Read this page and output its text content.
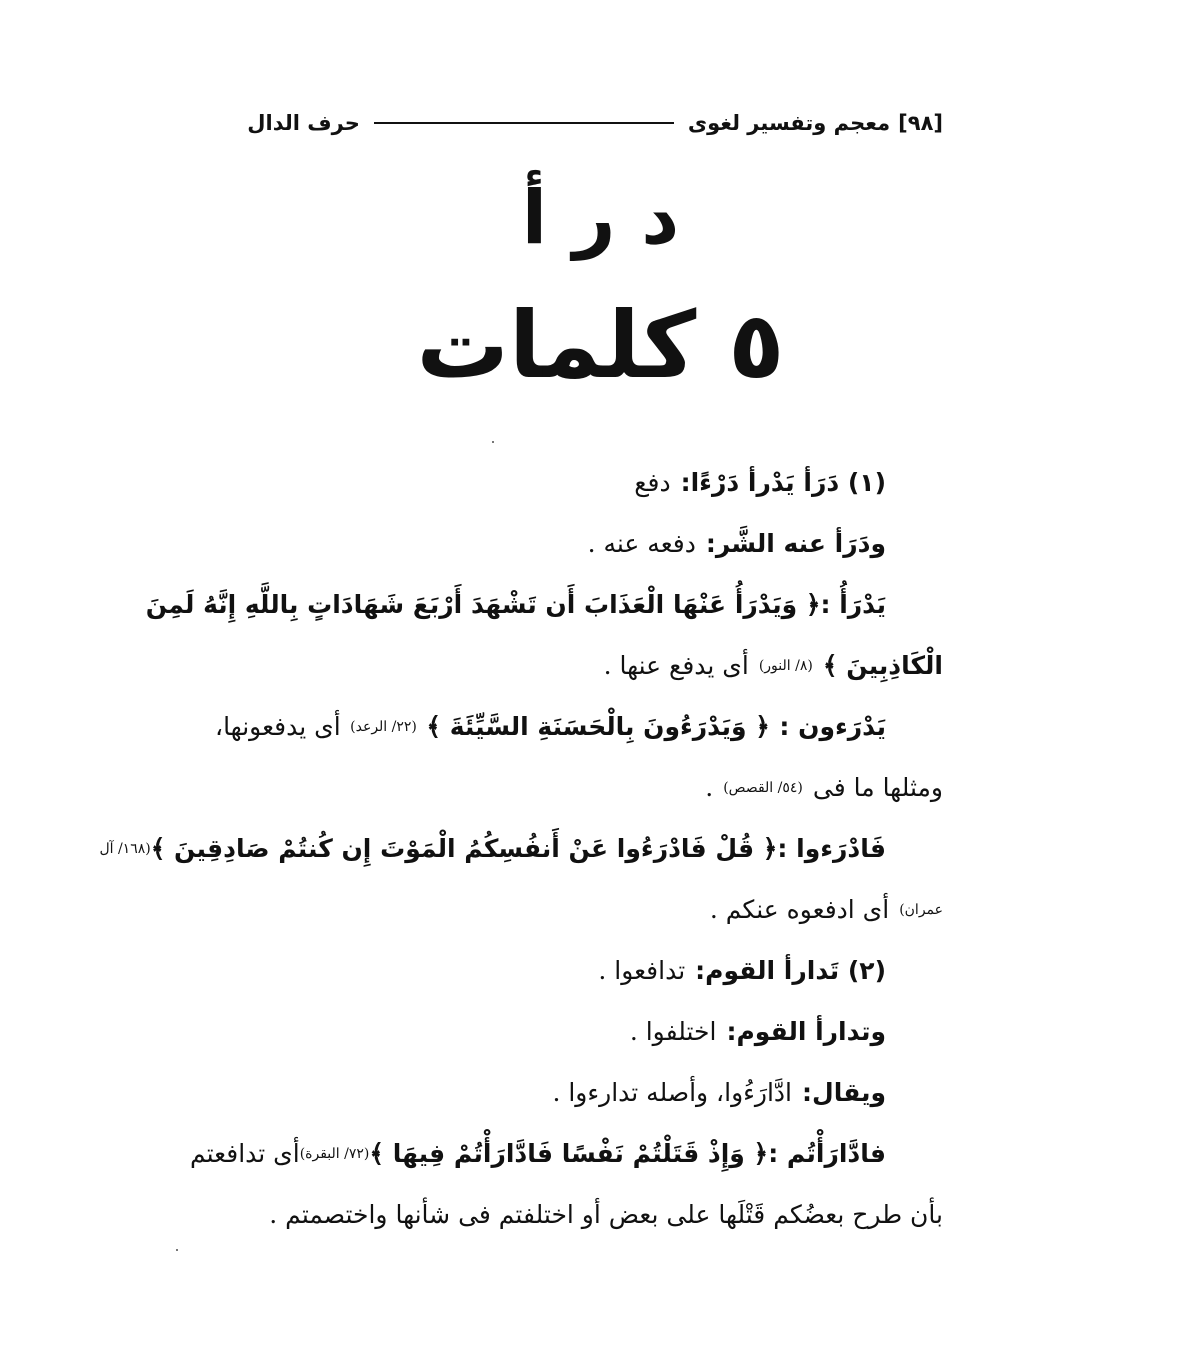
[٩٨]
معجم وتفسير لغوى
حرف الدال
د ر أ
٥ كلمات
(١) دَرَأ يَدْرأ دَرْءًا:
دفع
ودَرَأ عنه الشَّر:
دفعه عنه .
يَدْرَأُ :
﴿ وَيَدْرَأُ عَنْهَا الْعَذَابَ أَن تَشْهَدَ أَرْبَعَ شَهَادَاتٍ بِاللَّهِ إِنَّهُ لَمِنَ
الْكَاذِبِينَ ﴾
(٨/ النور)
أى يدفع عنها .
يَدْرَءون :
﴿ وَيَدْرَءُونَ بِالْحَسَنَةِ السَّيِّئَةَ ﴾
(٢٢/ الرعد)
أى يدفعونها،
ومثلها ما فى
(٥٤/ القصص)
.
فَادْرَءوا :
﴿ قُلْ فَادْرَءُوا عَنْ أَنفُسِكُمُ الْمَوْتَ إِن كُنتُمْ صَادِقِينَ ﴾
(١٦٨/ آل
عمران)
أى ادفعوه عنكم .
(٢) تَدارأ القوم:
تدافعوا .
وتدارأ القوم:
اختلفوا .
ويقال:
ادَّارَءُوا، وأصله تدارءوا .
فادَّارَأْتُم :
﴿ وَإِذْ قَتَلْتُمْ نَفْسًا فَادَّارَأْتُمْ فِيهَا ﴾
(٧٢/ البقرة)
أى تدافعتم
بأن طرح بعضُكم قَتْلَها على بعض أو اختلفتم فى شأنها واختصمتم .
